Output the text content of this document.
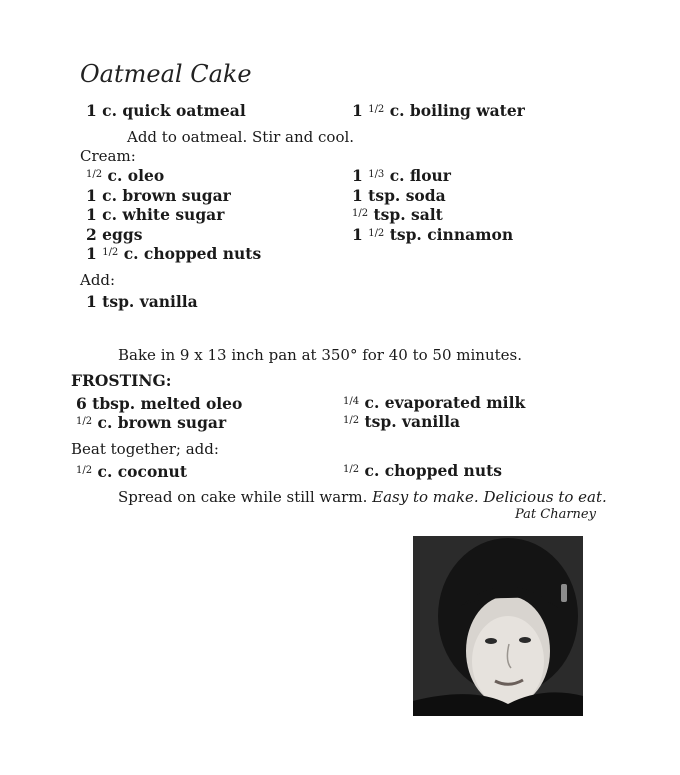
Oatmeal Cake
1 c. quick oatmeal	1 $^{1/2}$ c. boiling water
Add to oatmeal. Stir and cool.
Cream:
$^{1/2}$ c. oleo
1 c. brown sugar
1 c. white sugar
2 eggs
1 $^{1/2}$ c. chopped nuts
1 $^{1/3}$ c. flour
1 tsp. soda
$^{1/2}$ tsp. salt
1 $^{1/2}$ tsp. cinnamon
Add:
1 tsp. vanilla
Bake in 9 x 13 inch pan at 350° for 40 to 50 minutes.
FROSTING:
6 tbsp. melted oleo
$^{1/2}$ c. brown sugar
$^{1/4}$ c. evaporated milk
$^{1/2}$ tsp. vanilla
Beat together; add:
$^{1/2}$ c. coconut	$^{1/2}$ c. chopped nuts
Spread on cake while still warm. Easy to make. Delicious to eat.
Pat Charney
